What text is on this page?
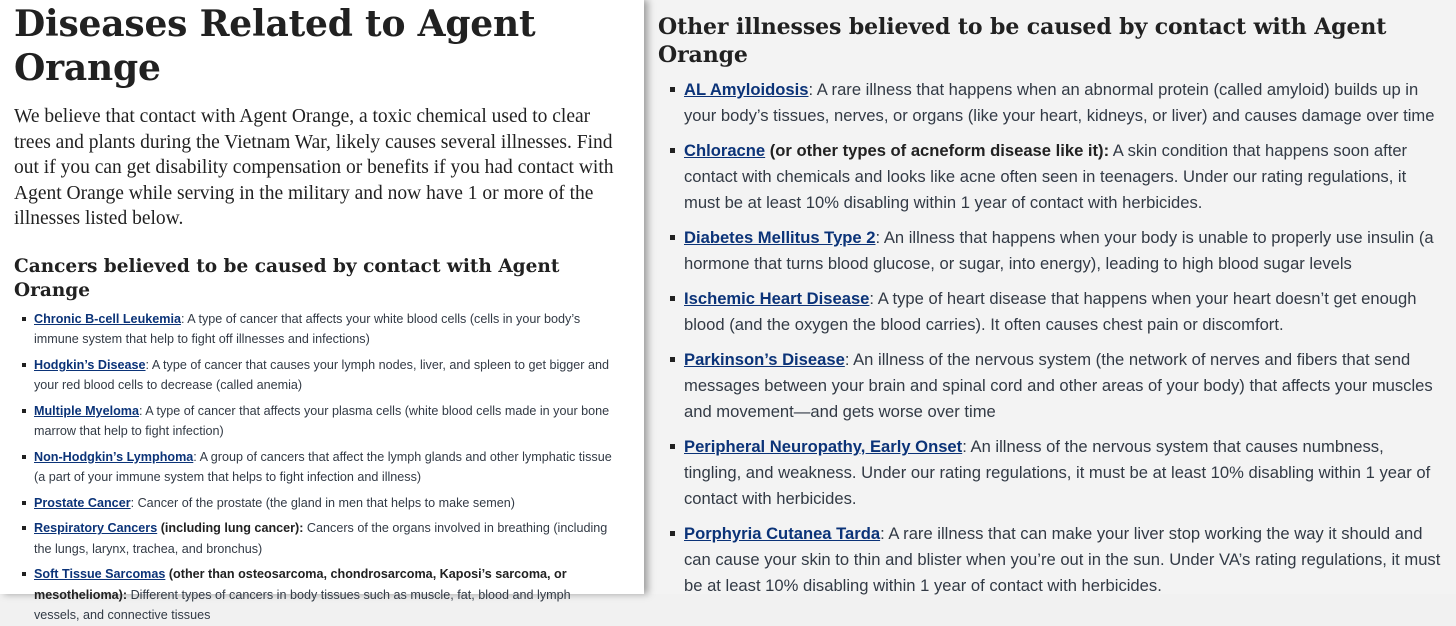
Diseases Related to Agent Orange

We believe that contact with Agent Orange, a toxic chemical used to clear trees and plants during the Vietnam War, likely causes several illnesses. Find out if you can get disability compensation or benefits if you had contact with Agent Orange while serving in the military and now have 1 or more of the illnesses listed below.

Cancers believed to be caused by contact with Agent Orange
Chronic B-cell Leukemia: A type of cancer that affects your white blood cells (cells in your body’s immune system that help to fight off illnesses and infections)
Hodgkin’s Disease: A type of cancer that causes your lymph nodes, liver, and spleen to get bigger and your red blood cells to decrease (called anemia)
Multiple Myeloma: A type of cancer that affects your plasma cells (white blood cells made in your bone marrow that help to fight infection)
Non-Hodgkin’s Lymphoma: A group of cancers that affect the lymph glands and other lymphatic tissue (a part of your immune system that helps to fight infection and illness)
Prostate Cancer: Cancer of the prostate (the gland in men that helps to make semen)
Respiratory Cancers (including lung cancer): Cancers of the organs involved in breathing (including the lungs, larynx, trachea, and bronchus)
Soft Tissue Sarcomas (other than osteosarcoma, chondrosarcoma, Kaposi’s sarcoma, or mesothelioma): Different types of cancers in body tissues such as muscle, fat, blood and lymph vessels, and connective tissues
Other illnesses believed to be caused by contact with Agent Orange
AL Amyloidosis: A rare illness that happens when an abnormal protein (called amyloid) builds up in your body’s tissues, nerves, or organs (like your heart, kidneys, or liver) and causes damage over time
Chloracne (or other types of acneform disease like it): A skin condition that happens soon after contact with chemicals and looks like acne often seen in teenagers. Under our rating regulations, it must be at least 10% disabling within 1 year of contact with herbicides.
Diabetes Mellitus Type 2: An illness that happens when your body is unable to properly use insulin (a hormone that turns blood glucose, or sugar, into energy), leading to high blood sugar levels
Ischemic Heart Disease: A type of heart disease that happens when your heart doesn’t get enough blood (and the oxygen the blood carries). It often causes chest pain or discomfort.
Parkinson’s Disease: An illness of the nervous system (the network of nerves and fibers that send messages between your brain and spinal cord and other areas of your body) that affects your muscles and movement—and gets worse over time
Peripheral Neuropathy, Early Onset: An illness of the nervous system that causes numbness, tingling, and weakness. Under our rating regulations, it must be at least 10% disabling within 1 year of contact with herbicides.
Porphyria Cutanea Tarda: A rare illness that can make your liver stop working the way it should and can cause your skin to thin and blister when you’re out in the sun. Under VA’s rating regulations, it must be at least 10% disabling within 1 year of contact with herbicides.
